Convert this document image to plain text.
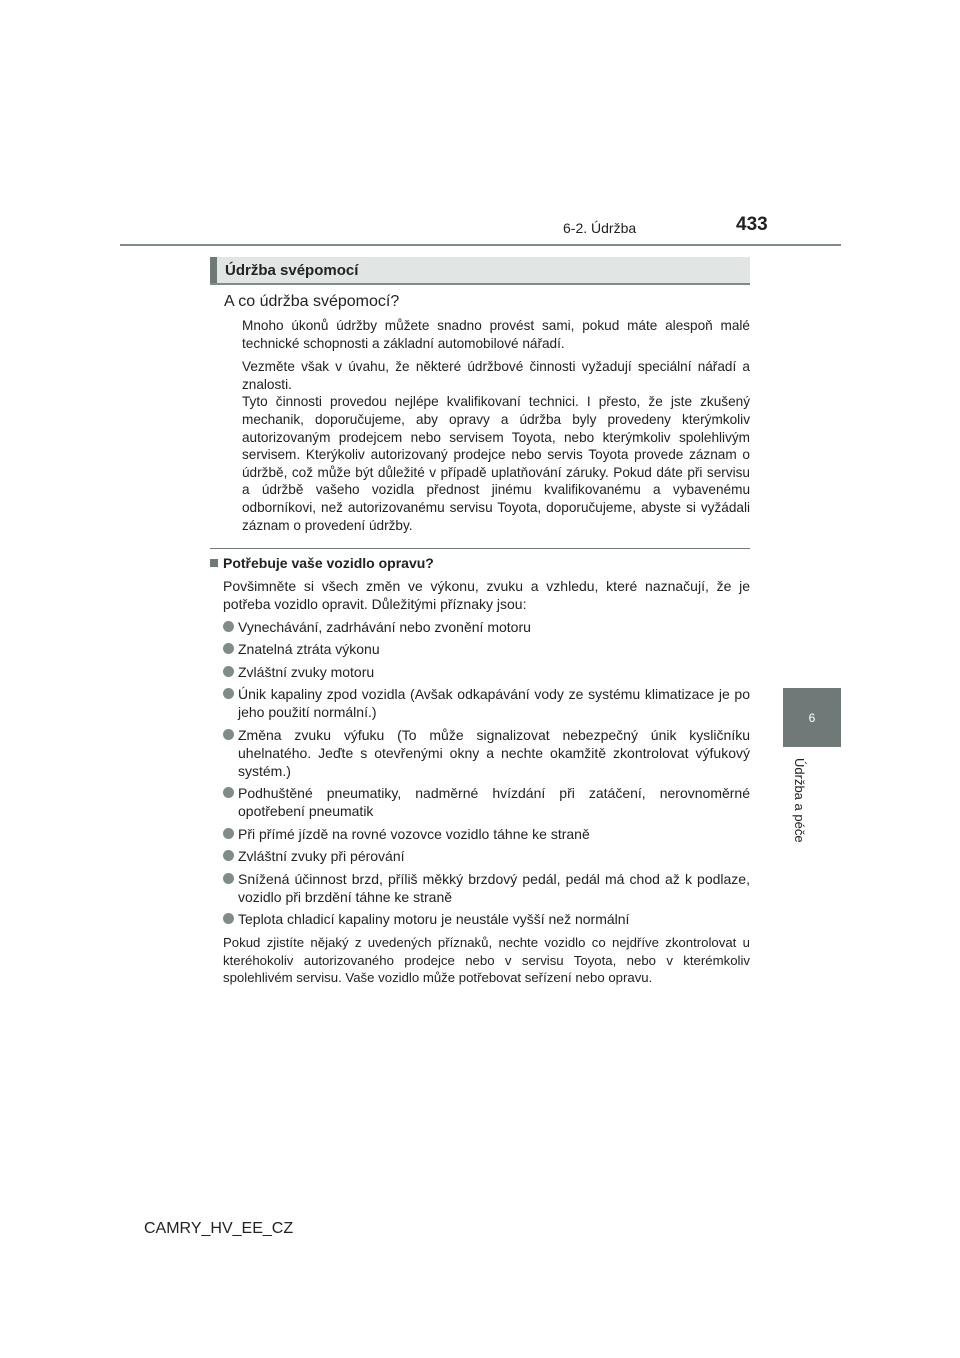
6-2. Údržba	433
6
Údržba a péče
Údržba svépomocí
A co údržba svépomocí?
Mnoho úkonů údržby můžete snadno provést sami, pokud máte alespoň malé technické schopnosti a základní automobilové nářadí.
Vezměte však v úvahu, že některé údržbové činnosti vyžadují speciální nářadí a znalosti.
Tyto činnosti provedou nejlépe kvalifikovaní technici. I přesto, že jste zkušený mechanik, doporučujeme, aby opravy a údržba byly provedeny kterýmkoliv autorizovaným prodejcem nebo servisem Toyota, nebo kterýmkoliv spolehlivým servisem. Kterýkoliv autorizovaný prodejce nebo servis Toyota provede záznam o údržbě, což může být důležité v případě uplatňování záruky. Pokud dáte při servisu a údržbě vašeho vozidla přednost jinému kvalifikovanému a vybavenému odborníkovi, než autorizovanému servisu Toyota, doporučujeme, abyste si vyžádali záznam o provedení údržby.
Potřebuje vaše vozidlo opravu?

Povšimněte si všech změn ve výkonu, zvuku a vzhledu, které naznačují, že je potřeba vozidlo opravit. Důležitými příznaky jsou:

Vynechávání, zadrhávání nebo zvonění motoru
Znatelná ztráta výkonu
Zvláštní zvuky motoru
Únik kapaliny zpod vozidla (Avšak odkapávání vody ze systému klimatizace je po jeho použití normální.)
Změna zvuku výfuku (To může signalizovat nebezpečný únik kysličníku uhelnatého. Jeďte s otevřenými okny a nechte okamžitě zkontrolovat výfukový systém.)
Podhuštěné pneumatiky, nadměrné hvízdání při zatáčení, nerovnoměrné opotřebení pneumatik
Při přímé jízdě na rovné vozovce vozidlo táhne ke straně
Zvláštní zvuky při pérování
Snížená účinnost brzd, příliš měkký brzdový pedál, pedál má chod až k podlaze, vozidlo při brzdění táhne ke straně
Teplota chladicí kapaliny motoru je neustále vyšší než normální

Pokud zjistíte nějaký z uvedených příznaků, nechte vozidlo co nejdříve zkontrolovat u kteréhokoliv autorizovaného prodejce nebo v servisu Toyota, nebo v kterémkoliv spolehlivém servisu. Vaše vozidlo může potřebovat seřízení nebo opravu.

CAMRY_HV_EE_CZ
